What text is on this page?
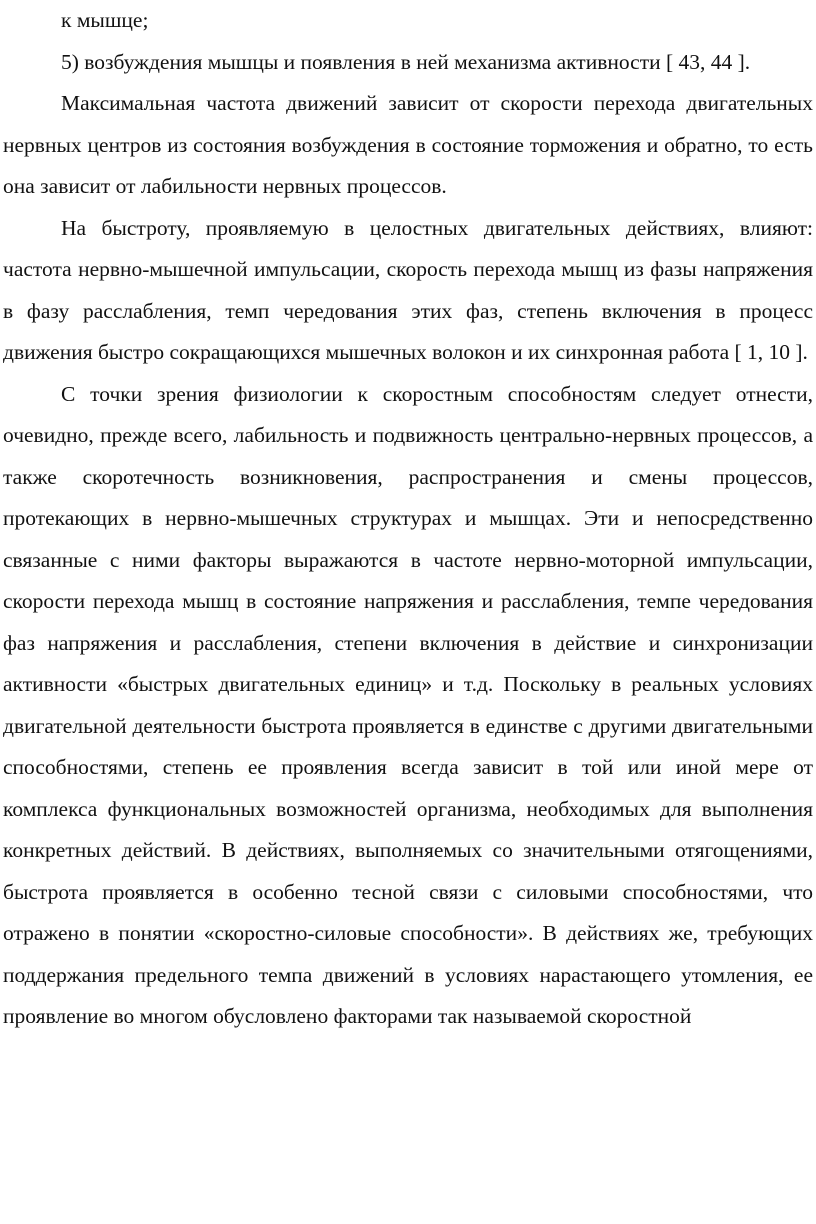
к мышце;

5) возбуждения мышцы и появления в ней механизма активности [ 43, 44 ].

Максимальная частота движений зависит от скорости перехода двигательных нервных центров из состояния возбуждения в состояние торможения и обратно, то есть она зависит от лабильности нервных процессов.

На быстроту, проявляемую в целостных двигательных действиях, влияют: частота нервно-мышечной импульсации, скорость перехода мышц из фазы напряжения в фазу расслабления, темп чередования этих фаз, степень включения в процесс движения быстро сокращающихся мышечных волокон и их синхронная работа [ 1, 10 ].

С точки зрения физиологии к скоростным способностям следует отнести, очевидно, прежде всего, лабильность и подвижность центрально-нервных процессов, а также скоротечность возникновения, распространения и смены процессов, протекающих в нервно-мышечных структурах и мышцах. Эти и непосредственно связанные с ними факторы выражаются в частоте нервно-моторной импульсации, скорости перехода мышц в состояние напряжения и расслабления, темпе чередования фаз напряжения и расслабления, степени включения в действие и синхронизации активности «быстрых двигательных единиц» и т.д. Поскольку в реальных условиях двигательной деятельности быстрота проявляется в единстве с другими двигательными способностями, степень ее проявления всегда зависит в той или иной мере от комплекса функциональных возможностей организма, необходимых для выполнения конкретных действий. В действиях, выполняемых со значительными отягощениями, быстрота проявляется в особенно тесной связи с силовыми способностями, что отражено в понятии «скоростно-силовые способности». В действиях же, требующих поддержания предельного темпа движений в условиях нарастающего утомления, ее проявление во многом обусловлено факторами так называемой скоростной
